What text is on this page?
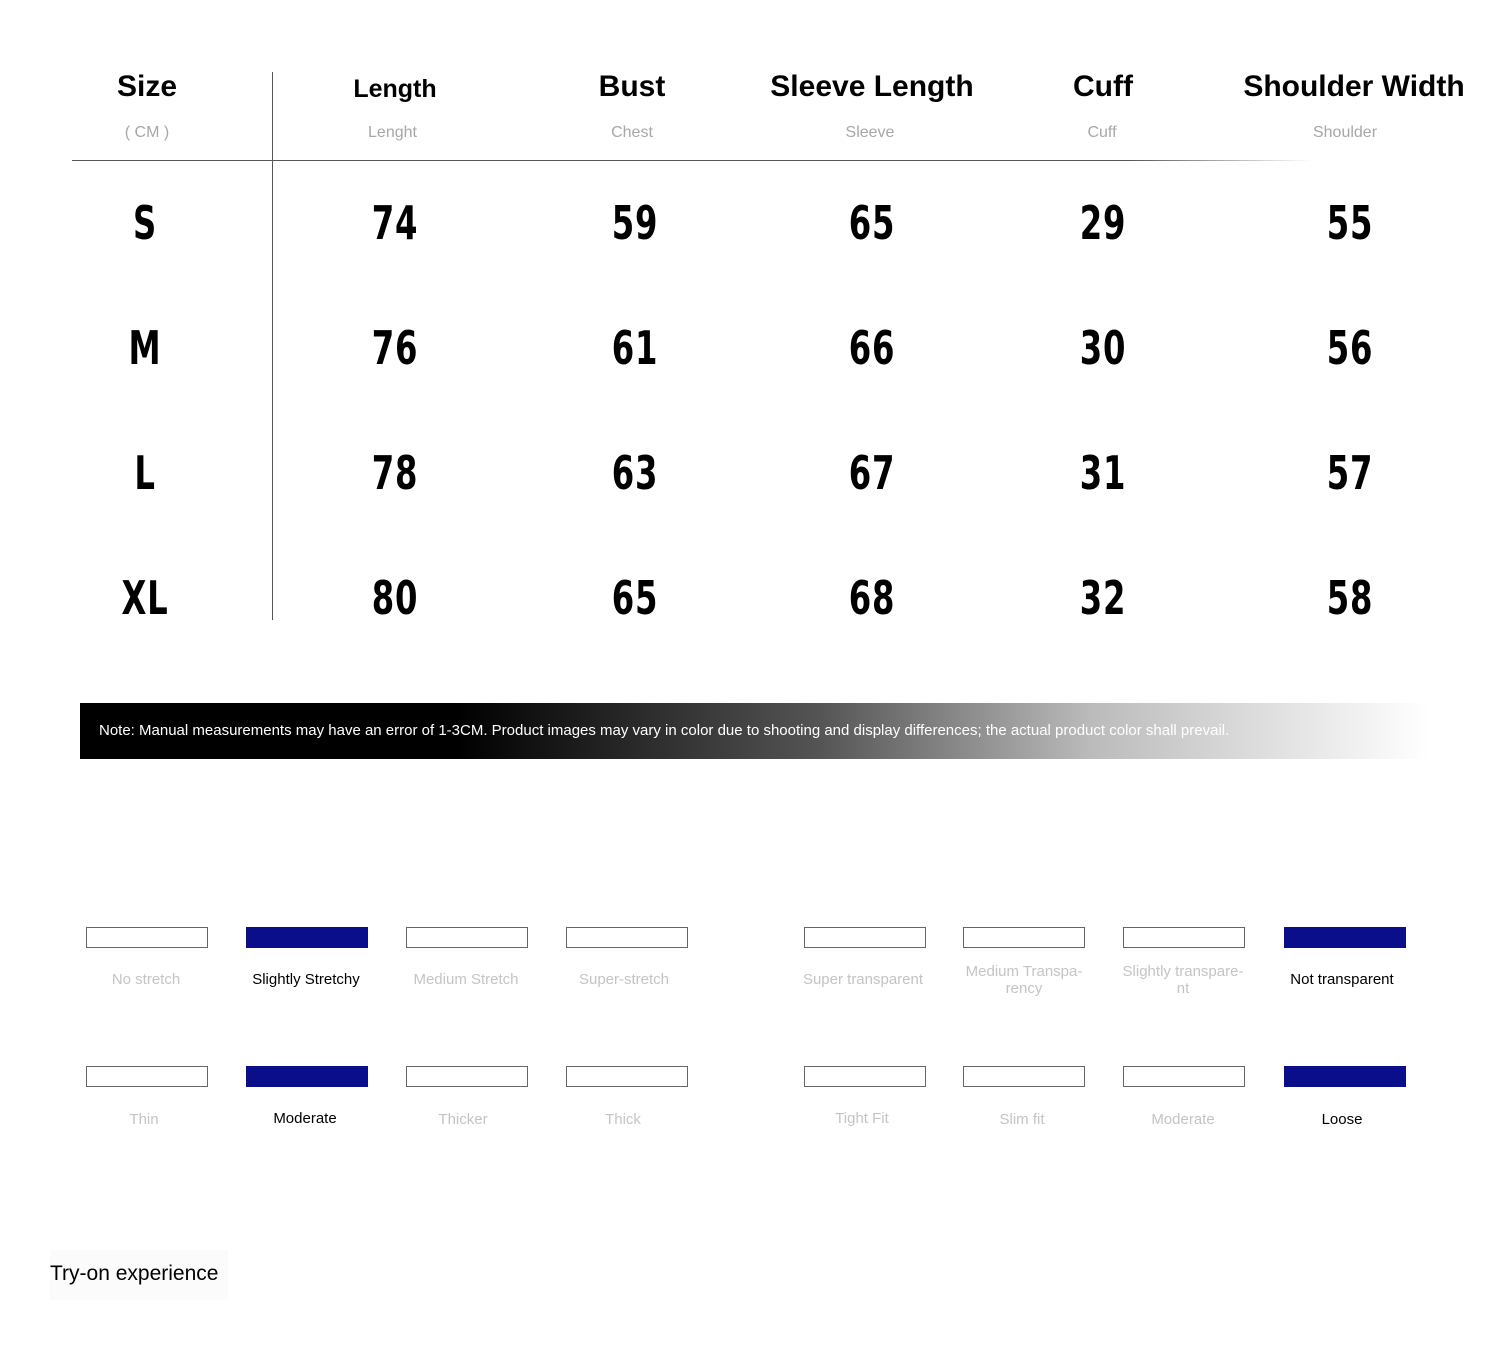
Size	Length	Bust	Sleeve Length	Cuff	Shoulder Width
( CM )	Lenght	Chest	Sleeve	Cuff	Shoulder
S	74	59	65	29	55
M	76	61	66	30	56
L	78	63	67	31	57
XL	80	65	68	32	58
Note: Manual measurements may have an error of 1-3CM. Product images may vary in color due to shooting and display differences; the actual product color shall prevail.
No stretch	Slightly Stretchy	Medium Stretch	Super-stretch	Super transparent	Medium Transpa-rency
Slightly transpare-nt
Not transparent
Thin	Moderate	Thicker	Thick	Tight Fit	Slim fit	Moderate	Loose
Try-on experience
